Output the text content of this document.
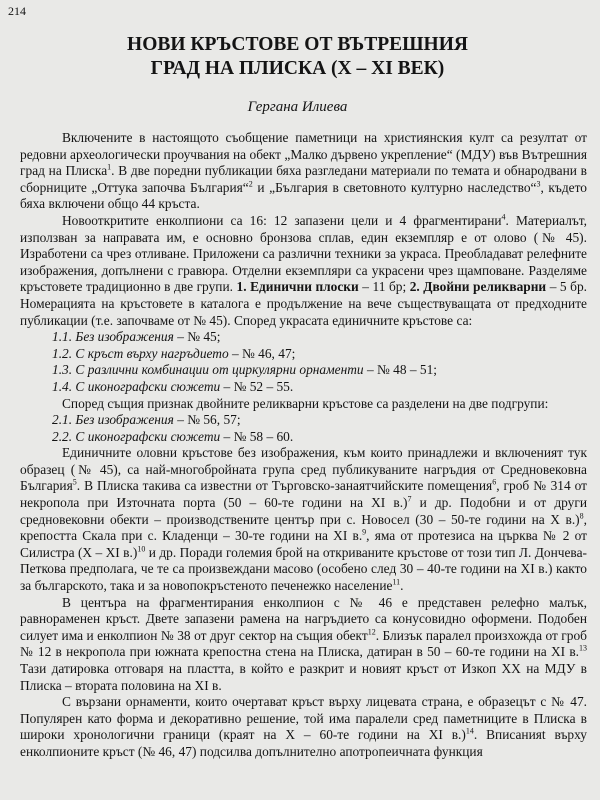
214
НОВИ КРЪСТОВЕ ОТ ВЪТРЕШНИЯ
ГРАД НА ПЛИСКА (X – XI ВЕК)
Гергана Илиева

Включените в настоящото съобщение паметници на християнския култ са резултат от редовни археологически проучвания на обект „Малко дървено укрепление“ (МДУ) във Вътрешния град на Плиска$^1$. В две поредни публикации бяха разгледани материали по темата и обнародвани в сборниците „Оттука започва България“$^2$ и „България в световното културно наследство“$^3$, където бяха включени общо 44 кръста.

Новооткритите енколпиони са 16: 12 запазени цели и 4 фрагментирани$^4$. Материалът, използван за направата им, е основно бронзова сплав, един екземпляр е от олово (№ 45). Изработени са чрез отливане. Приложени са различни техники за украса. Преобладават релефните изображения, допълнени с гравюра. Отделни екземпляри са украсени чрез щамповане. Разделяме кръстовете традиционно в две групи. 1. Единични плоски – 11 бр; 2. Двойни реликварни – 5 бр. Номерацията на кръстовете в каталога е продължение на вече съществуващата от предходните публикации (т.е. започваме от № 45). Според украсата единичните кръстове са:

1.1. Без изображения – № 45;
1.2. С кръст върху нагръдието – № 46, 47;
1.3. С различни комбинации от циркулярни орнаменти – № 48 – 51;
1.4. С иконографски сюжети – № 52 – 55.

Според същия признак двойните реликварни кръстове са разделени на две подгрупи:

2.1. Без изображения – № 56, 57;
2.2. С иконографски сюжети – № 58 – 60.

Единичните оловни кръстове без изображения, към които принадлежи и включеният тук образец (№ 45), са най-многобройната група сред публикуваните нагръдия от Средновековна България$^5$. В Плиска такива са известни от Търговско-занаятчийските помещения$^6$, гроб № 314 от некропола при Източната порта (50 – 60-те години на XI в.)$^7$ и др. Подобни и от други средновековни обекти – производствените център при с. Новосел (30 – 50-те години на X в.)$^8$, крепостта Скала при с. Кладенци – 30-те години на XI в.$^9$, яма от протезиса на църква № 2 от Силистра (X – XI в.)$^{10}$ и др. Поради големия брой на откриваните кръстове от този тип Л. Дончева-Петкова предполага, че те са произвеждани масово (особено след 30 – 40-те години на XI в.) както за българското, така и за новопокръстеното печенежко население$^{11}$.

В центъра на фрагментирания енколпион с № 46 е представен релефно малък, равнораменен кръст. Двете запазени рамена на нагръдието са конусовидно оформени. Подобен силует има и енколпион № 38 от друг сектор на същия обект$^{12}$. Близък паралел произхожда от гроб № 12 в некропола при южната крепостна стена на Плиска, датиран в 50 – 60-те години на XI в.$^{13}$ Тази датировка отговаря на пластта, в който е разкрит и новият кръст от Изкоп XX на МДУ в Плиска – втората половина на XI в.

С вързани орнаменти, които очертават кръст върху лицевата страна, е образецът с № 47. Популярен като форма и декоративно решение, той има паралели сред паметниците в Плиска в широки хронологични граници (краят на X – 60-те години на XI в.)$^{14}$. Вписанияt върху енколпионите кръст (№ 46, 47) подсилва допълнително апотропеичната функция
